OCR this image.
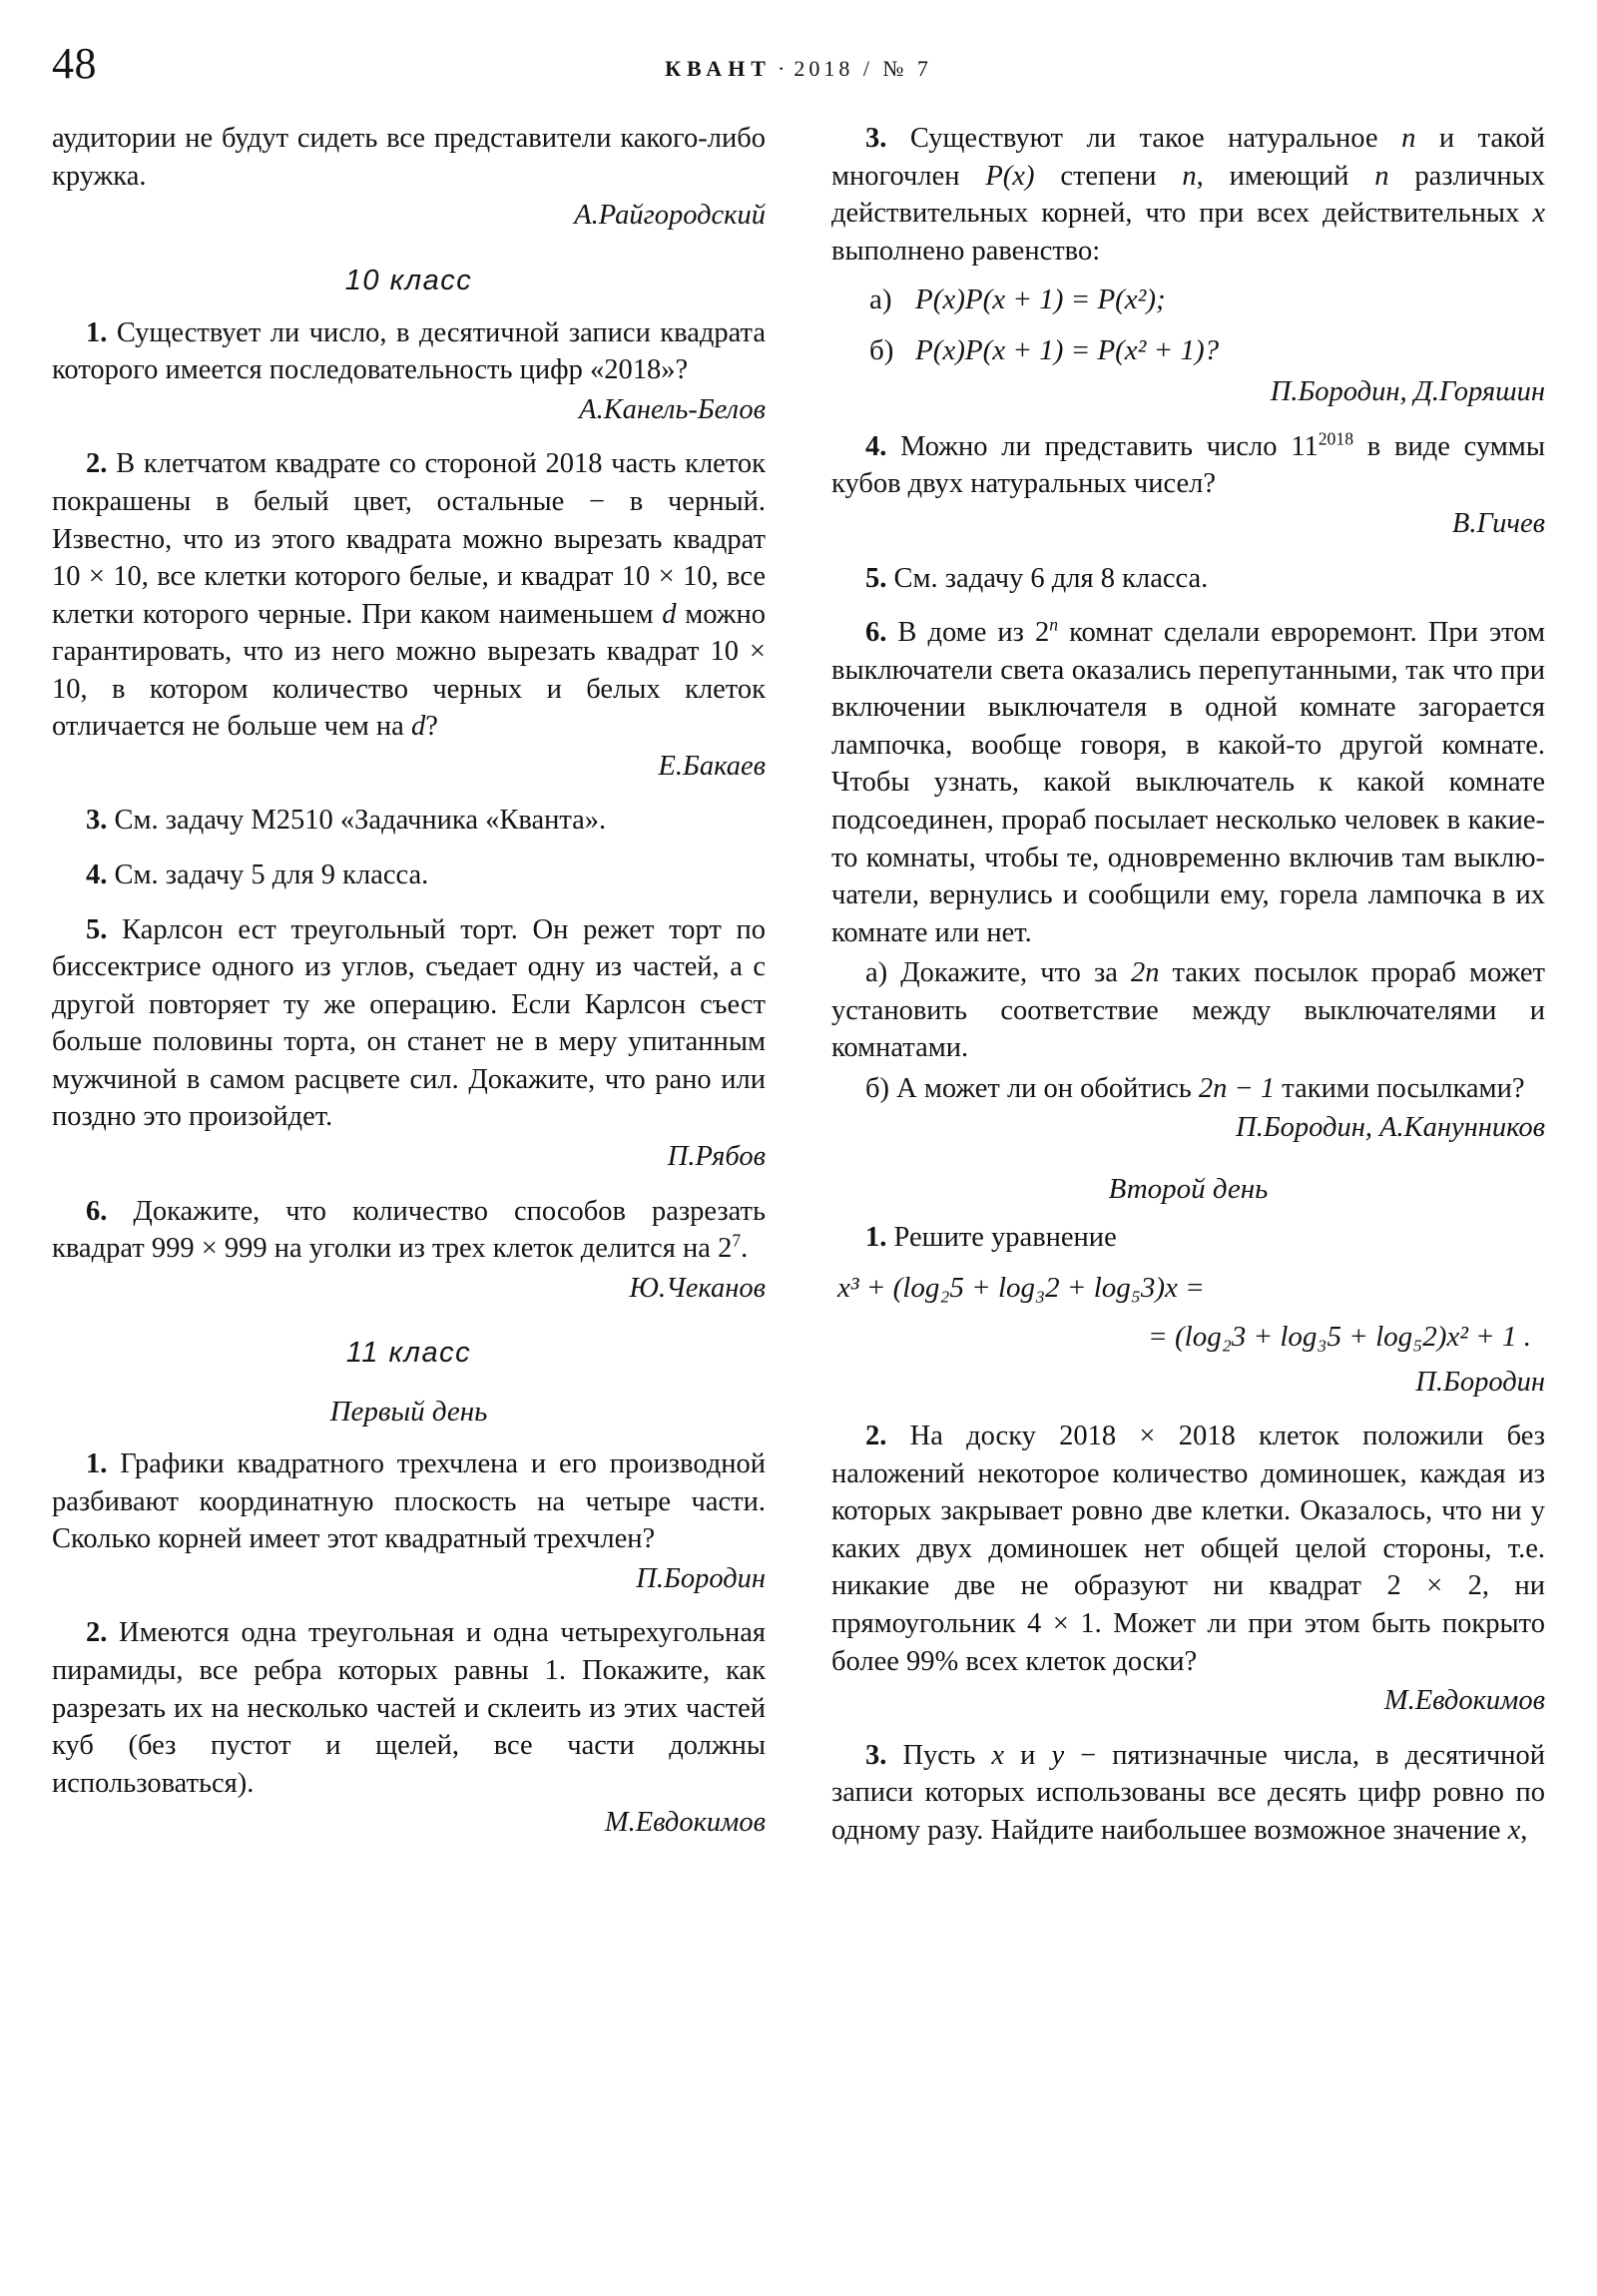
48	КВАНТ · 2018 / № 7

аудитории не будут сидеть все представители какого-либо кружка.

А.Райгородский

10 класс

1. Существует ли число, в десятичной записи квадрата которого имеется последовательность цифр «2018»?

А.Канель-Белов

2. В клетчатом квадрате со стороной 2018 часть клеток покрашены в белый цвет, остальные − в черный. Известно, что из этого квадрата можно вырезать квадрат 10 × 10, все клетки которого белые, и квадрат 10 × 10, все клетки которого черные. При каком наименьшем d можно гарантировать, что из него можно вырезать квадрат 10 × 10, в котором количество черных и белых клеток отличается не больше чем на d?

Е.Бакаев

3. См. задачу М2510 «Задачника «Кванта».

4. См. задачу 5 для 9 класса.

5. Карлсон ест треугольный торт. Он режет торт по биссектрисе одного из углов, съедает одну из частей, а с другой повторяет ту же операцию. Если Карлсон съест больше половины торта, он станет не в меру упитанным мужчиной в самом расцвете сил. Докажите, что рано или поздно это произойдет.

П.Рябов

6. Докажите, что количество способов разрезать квадрат 999 × 999 на уголки из трех клеток делится на $2^7$.

Ю.Чеканов

11 класс
Первый день

1. Графики квадратного трехчлена и его производной разбивают координатную плоскость на четыре части. Сколько корней имеет этот квадратный трехчлен?

П.Бородин

2. Имеются одна треугольная и одна четырехугольная пирамиды, все ребра которых равны 1. Покажите, как разрезать их на несколько частей и склеить из этих частей куб (без пустот и щелей, все части должны использоваться).

М.Евдокимов

3. Существуют ли такое натуральное n и такой многочлен P(x) степени n, имеющий n различных действительных корней, что при всех действительных x выполнено равенство:

а) P(x)P(x + 1) = P(x²);

б) P(x)P(x + 1) = P(x² + 1)?

П.Бородин, Д.Горяшин

4. Можно ли представить число $11^{2018}$ в виде суммы кубов двух натуральных чисел?

В.Гичев

5. См. задачу 6 для 8 класса.

6. В доме из 2$^n$ комнат сделали евроремонт. При этом выключатели света оказались перепутанными, так что при включении выключателя в одной комнате загорается лампочка, вообще говоря, в какой-то другой комнате. Чтобы узнать, какой выключатель к какой комнате подсоединен, прораб посылает несколько человек в какие-то комнаты, чтобы те, одновременно включив там выключатели, вернулись и сообщили ему, горела лампочка в их комнате или нет.

а) Докажите, что за 2n таких посылок прораб может установить соответствие между выключателями и комнатами.

б) А может ли он обойтись 2n − 1 такими посылками?

П.Бородин, А.Канунников

Второй день

1. Решите уравнение

x³ + (log₂5 + log₃2 + log₅3)x =
= (log₂3 + log₃5 + log₅2)x² + 1 .

П.Бородин

2. На доску 2018 × 2018 клеток положили без наложений некоторое количество доминошек, каждая из которых закрывает ровно две клетки. Оказалось, что ни у каких двух доминошек нет общей целой стороны, т.е. никакие две не образуют ни квадрат 2 × 2, ни прямоугольник 4 × 1. Может ли при этом быть покрыто более 99% всех клеток доски?

М.Евдокимов

3. Пусть x и y − пятизначные числа, в десятичной записи которых использованы все десять цифр ровно по одному разу. Найдите наибольшее возможное значение x,
